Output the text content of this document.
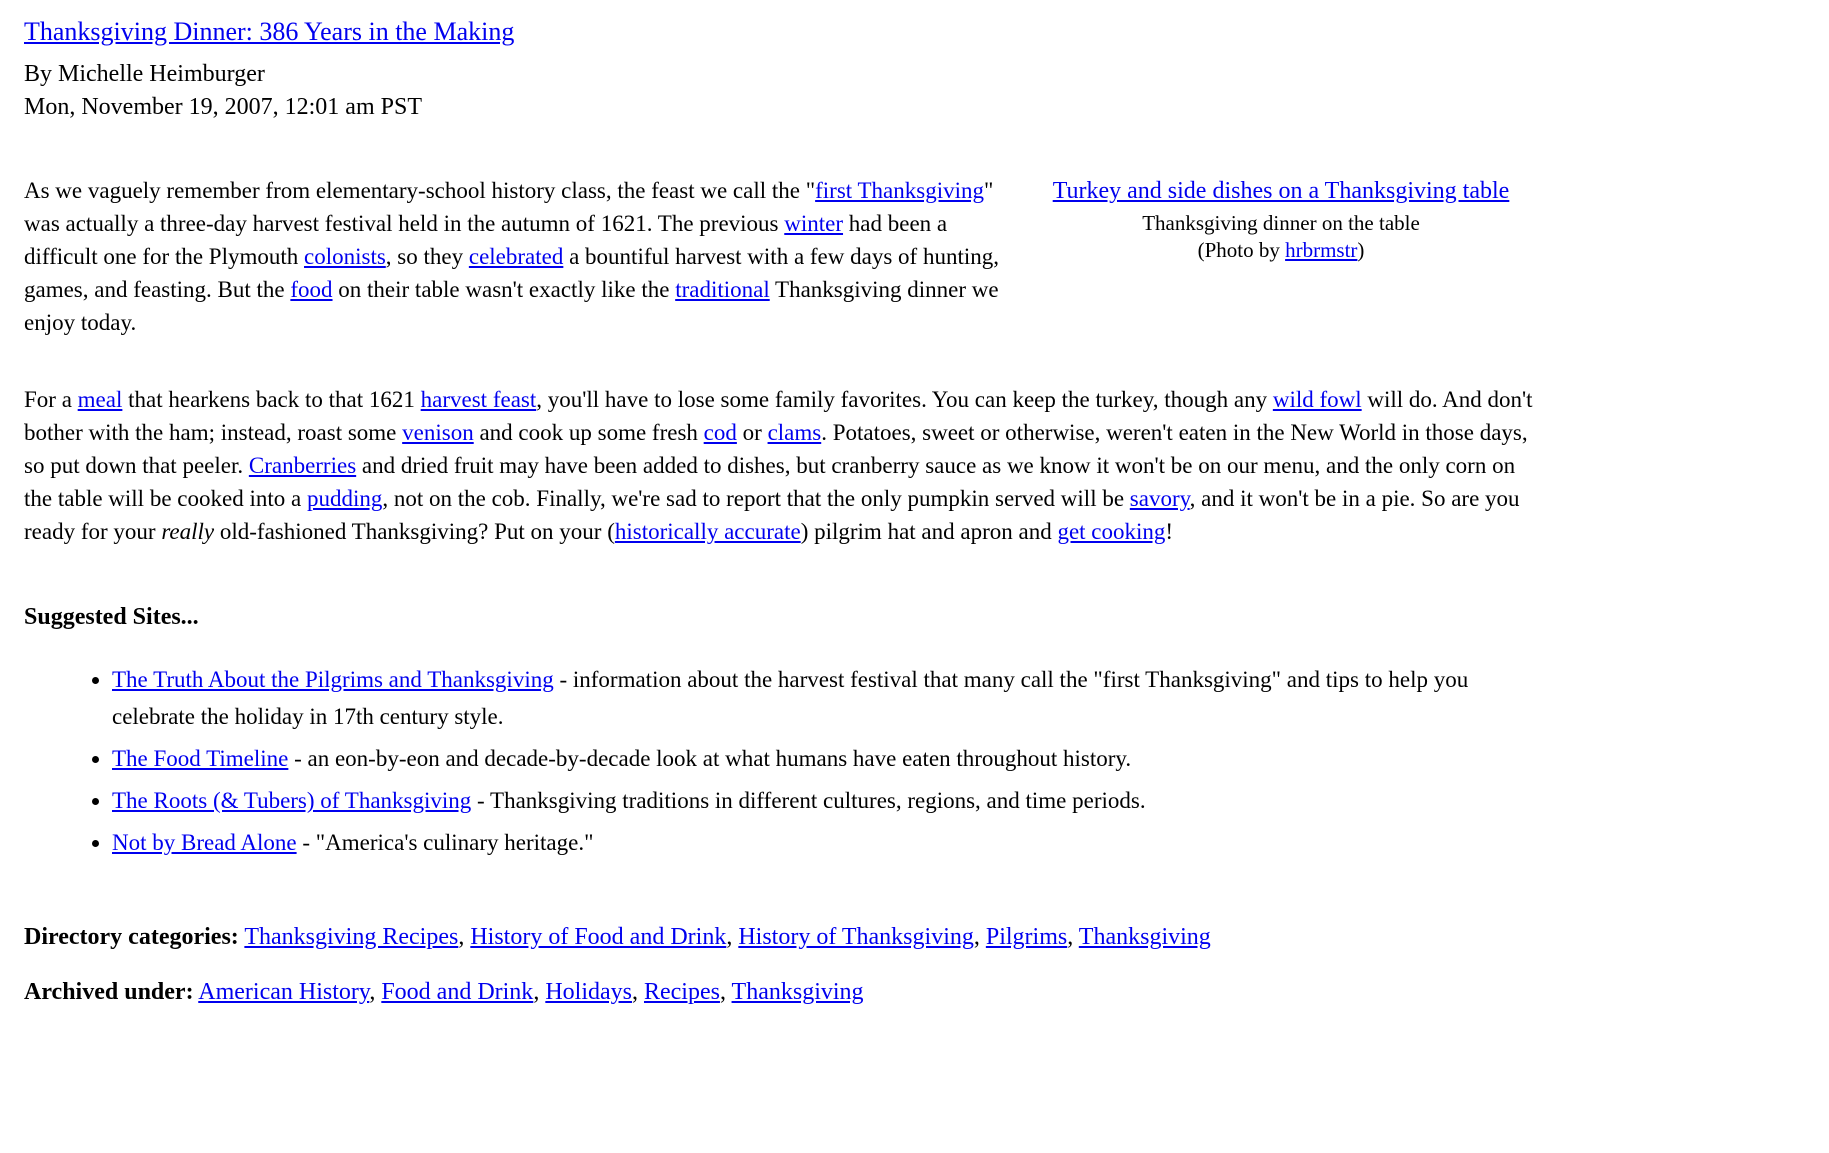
Thanksgiving Dinner: 386 Years in the Making
By Michelle Heimburger
Mon, November 19, 2007, 12:01 am PST

Turkey and side dishes on a Thanksgiving table
Thanksgiving dinner on the table
(Photo by hrbrmstr)
As we vaguely remember from elementary-school history class, the feast we call the "first Thanksgiving" was actually a three-day harvest festival held in the autumn of 1621. The previous winter had been a difficult one for the Plymouth colonists, so they celebrated a bountiful harvest with a few days of hunting, games, and feasting. But the food on their table wasn't exactly like the traditional Thanksgiving dinner we enjoy today.

For a meal that hearkens back to that 1621 harvest feast, you'll have to lose some family favorites. You can keep the turkey, though any wild fowl will do. And don't bother with the ham; instead, roast some venison and cook up some fresh cod or clams. Potatoes, sweet or otherwise, weren't eaten in the New World in those days, so put down that peeler. Cranberries and dried fruit may have been added to dishes, but cranberry sauce as we know it won't be on our menu, and the only corn on the table will be cooked into a pudding, not on the cob. Finally, we're sad to report that the only pumpkin served will be savory, and it won't be in a pie. So are you ready for your really old-fashioned Thanksgiving? Put on your (historically accurate) pilgrim hat and apron and get cooking!

Suggested Sites...
• The Truth About the Pilgrims and Thanksgiving - information about the harvest festival that many call the "first Thanksgiving" and tips to help you celebrate the holiday in 17th century style.
• The Food Timeline - an eon-by-eon and decade-by-decade look at what humans have eaten throughout history.
• The Roots (& Tubers) of Thanksgiving - Thanksgiving traditions in different cultures, regions, and time periods.
• Not by Bread Alone - "America's culinary heritage."

Directory categories: Thanksgiving Recipes, History of Food and Drink, History of Thanksgiving, Pilgrims, Thanksgiving

Archived under: American History, Food and Drink, Holidays, Recipes, Thanksgiving
